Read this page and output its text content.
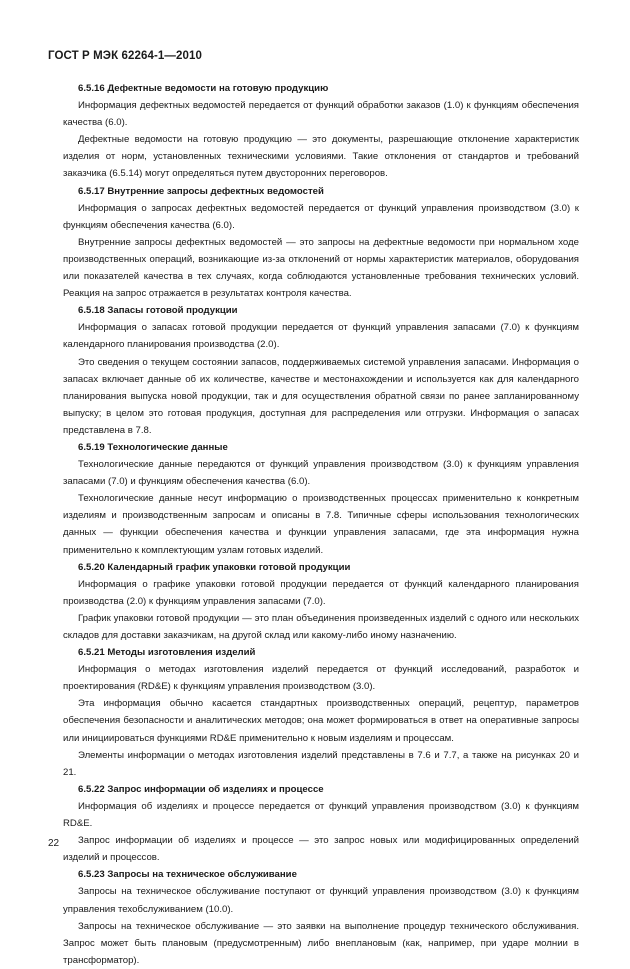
ГОСТ Р МЭК 62264-1—2010
6.5.16 Дефектные ведомости на готовую продукцию

Информация дефектных ведомостей передается от функций обработки заказов (1.0) к функциям обеспечения качества (6.0).

Дефектные ведомости на готовую продукцию — это документы, разрешающие отклонение характеристик изделия от норм, установленных техническими условиями. Такие отклонения от стандартов и требований заказчика (6.5.14) могут определяться путем двусторонних переговоров.

6.5.17 Внутренние запросы дефектных ведомостей

Информация о запросах дефектных ведомостей передается от функций управления производством (3.0) к функциям обеспечения качества (6.0).

Внутренние запросы дефектных ведомостей — это запросы на дефектные ведомости при нормальном ходе производственных операций, возникающие из-за отклонений от нормы характеристик материалов, оборудования или показателей качества в тех случаях, когда соблюдаются установленные требования технических условий. Реакция на запрос отражается в результатах контроля качества.

6.5.18 Запасы готовой продукции

Информация о запасах готовой продукции передается от функций управления запасами (7.0) к функциям календарного планирования производства (2.0).

Это сведения о текущем состоянии запасов, поддерживаемых системой управления запасами. Информация о запасах включает данные об их количестве, качестве и местонахождении и используется как для календарного планирования выпуска новой продукции, так и для осуществления обратной связи по ранее запланированному выпуску; в целом это готовая продукция, доступная для распределения или отгрузки. Информация о запасах представлена в 7.8.

6.5.19 Технологические данные

Технологические данные передаются от функций управления производством (3.0) к функциям управления запасами (7.0) и функциям обеспечения качества (6.0).

Технологические данные несут информацию о производственных процессах применительно к конкретным изделиям и производственным запросам и описаны в 7.8. Типичные сферы использования технологических данных — функции обеспечения качества и функции управления запасами, где эта информация нужна применительно к комплектующим узлам готовых изделий.

6.5.20 Календарный график упаковки готовой продукции

Информация о графике упаковки готовой продукции передается от функций календарного планирования производства (2.0) к функциям управления запасами (7.0).

График упаковки готовой продукции — это план объединения произведенных изделий с одного или нескольких складов для доставки заказчикам, на другой склад или какому-либо иному назначению.

6.5.21 Методы изготовления изделий

Информация о методах изготовления изделий передается от функций исследований, разработок и проектирования (RD&E) к функциям управления производством (3.0).

Эта информация обычно касается стандартных производственных операций, рецептур, параметров обеспечения безопасности и аналитических методов; она может формироваться в ответ на оперативные запросы или инициироваться функциями RD&E применительно к новым изделиям и процессам.

Элементы информации о методах изготовления изделий представлены в 7.6 и 7.7, а также на рисунках 20 и 21.

6.5.22 Запрос информации об изделиях и процессе

Информация об изделиях и процессе передается от функций управления производством (3.0) к функциям RD&E.

Запрос информации об изделиях и процессе — это запрос новых или модифицированных определений изделий и процессов.

6.5.23 Запросы на техническое обслуживание

Запросы на техническое обслуживание поступают от функций управления производством (3.0) к функциям управления техобслуживанием (10.0).

Запросы на техническое обслуживание — это заявки на выполнение процедур технического обслуживания. Запрос может быть плановым (предусмотренным) либо внеплановым (как, например, при ударе молнии в трансформатор).

22
